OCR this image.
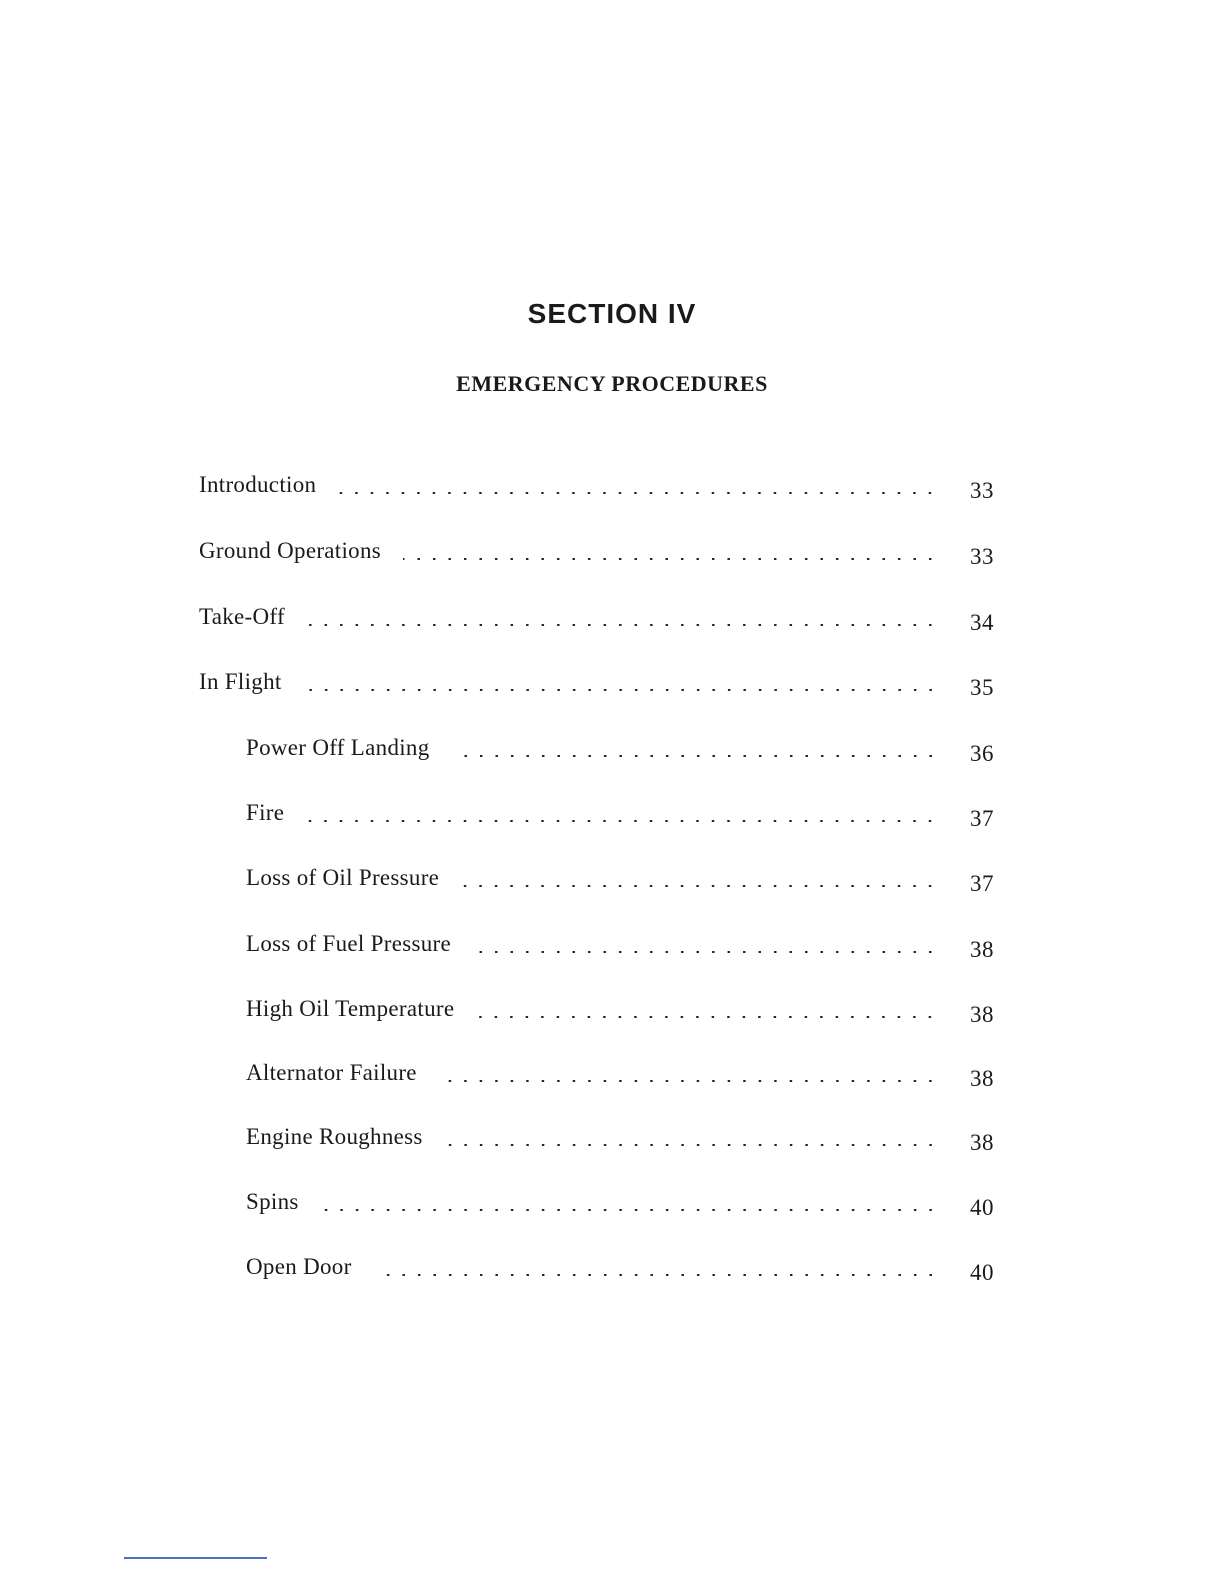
SECTION IV
EMERGENCY PROCEDURES
Introduction	33
Ground Operations	33
Take-Off	34
In Flight	35
Power Off Landing	36
Fire	37
Loss of Oil Pressure	37
Loss of Fuel Pressure	38
High Oil Temperature	38
Alternator Failure	38
Engine Roughness	38
Spins	40
Open Door	40
